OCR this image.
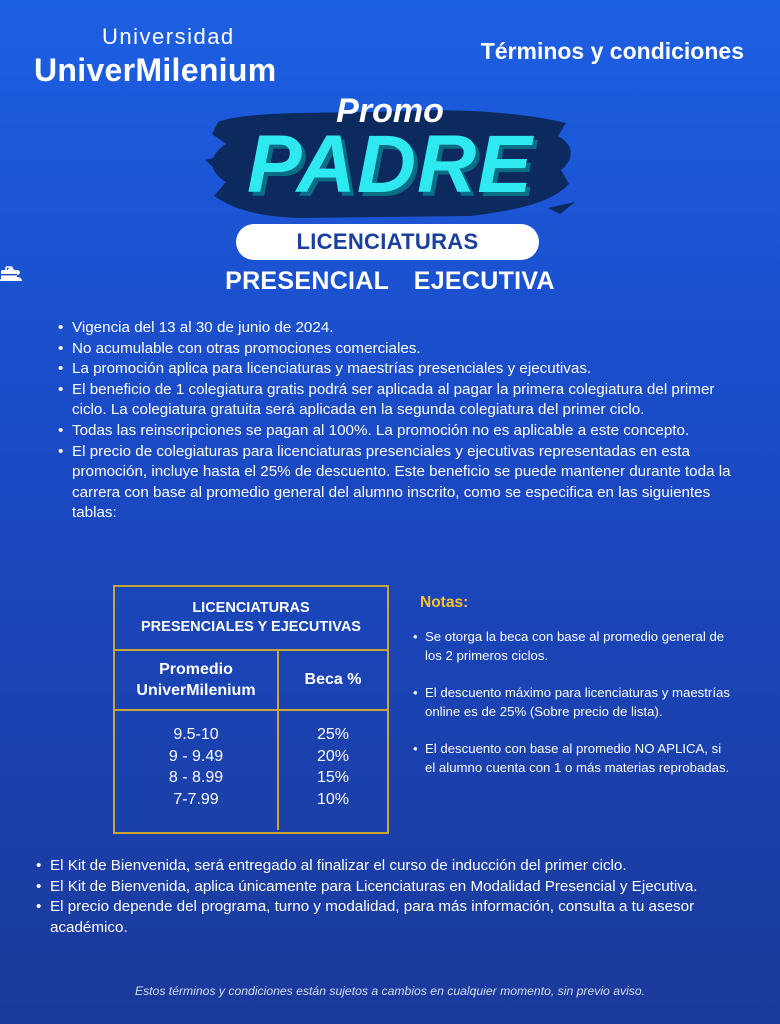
Universidad
UniverMilenium
Términos y condiciones
Promo
PADRE
LICENCIATURAS
PRESENCIAL EJECUTIVA
• Vigencia del 13 al 30 de junio de 2024.
• No acumulable con otras promociones comerciales.
• La promoción aplica para licenciaturas y maestrías presenciales y ejecutivas.
• El beneficio de 1 colegiatura gratis podrá ser aplicada al pagar la primera colegiatura del primer ciclo. La colegiatura gratuita será aplicada en la segunda colegiatura del primer ciclo.
• Todas las reinscripciones se pagan al 100%. La promoción no es aplicable a este concepto.
• El precio de colegiaturas para licenciaturas presenciales y ejecutivas representadas en esta promoción, incluye hasta el 25% de descuento. Este beneficio se puede mantener durante toda la carrera con base al promedio general del alumno inscrito, como se especifica en las siguientes tablas:
LICENCIATURAS
PRESENCIALES Y EJECUTIVAS
Promedio
UniverMilenium
Beca %
9.5-10
9 - 9.49
8 - 8.99
7-7.99
25%
20%
15%
10%
Notas:
• Se otorga la beca con base al promedio general de los 2 primeros ciclos.
• El descuento máximo para licenciaturas y maestrías online es de 25% (Sobre precio de lista).
• El descuento con base al promedio NO APLICA, si el alumno cuenta con 1 o más materias reprobadas.
• El Kit de Bienvenida, será entregado al finalizar el curso de inducción del primer ciclo.
• El Kit de Bienvenida, aplica únicamente para Licenciaturas en Modalidad Presencial y Ejecutiva.
• El precio depende del programa, turno y modalidad, para más información, consulta a tu asesor académico.
Estos términos y condiciones están sujetos a cambios en cualquier momento, sin previo aviso.
